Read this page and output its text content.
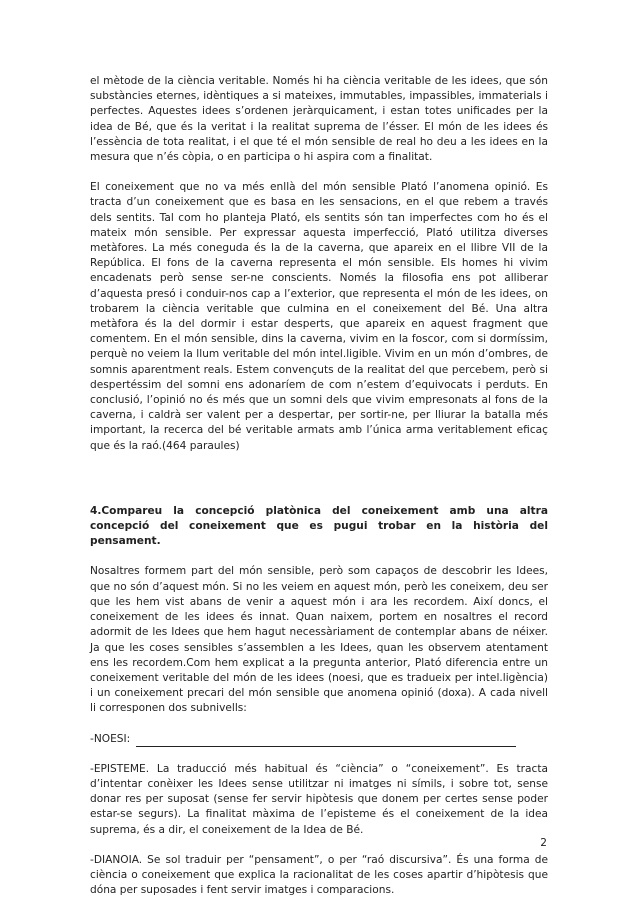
el mètode de la ciència veritable. Només hi ha ciència veritable de les idees, que són substàncies eternes, idèntiques a si mateixes, immutables, impassibles, immaterials i perfectes. Aquestes idees s’ordenen jeràrquicament, i estan totes unificades per la idea de Bé, que és la veritat i la realitat suprema de l’ésser. El món de les idees és l’essència de tota realitat, i el que té el món sensible de real ho deu a les idees en la mesura que n’és còpia, o en participa o hi aspira com a finalitat.

El coneixement que no va més enllà del món sensible Plató l’anomena opinió. Es tracta d’un coneixement que es basa en les sensacions, en el que rebem a través dels sentits. Tal com ho planteja Plató, els sentits són tan imperfectes com ho és el mateix món sensible. Per expressar aquesta imperfecció, Plató utilitza diverses metàfores. La més coneguda és la de la caverna, que apareix en el llibre VII de la República. El fons de la caverna representa el món sensible. Els homes hi vivim encadenats però sense ser-ne conscients. Només la filosofia ens pot alliberar d’aquesta presó i conduir-nos cap a l’exterior, que representa el món de les idees, on trobarem la ciència veritable que culmina en el coneixement del Bé. Una altra metàfora és la del dormir i estar desperts, que apareix en aquest fragment que comentem. En el món sensible, dins la caverna, vivim en la foscor, com si dormíssim, perquè no veiem la llum veritable del món intel.ligible. Vivim en un món d’ombres, de somnis aparentment reals. Estem convençuts de la realitat del que percebem, però si despertéssim del somni ens adonaríem de com n’estem d’equivocats i perduts. En conclusió, l’opinió no és més que un somni dels que vivim empresonats al fons de la caverna, i caldrà ser valent per a despertar, per sortir-ne, per lliurar la batalla més important, la recerca del bé veritable armats amb l’única arma veritablement eficaç que és la raó.(464 paraules)

4.Compareu la concepció platònica del coneixement amb una altra concepció del coneixement que es pugui trobar en la història del pensament.

Nosaltres formem part del món sensible, però som capaços de descobrir les Idees, que no són d’aquest món. Si no les veiem en aquest món, però les coneixem, deu ser que les hem vist abans de venir a aquest món i ara les recordem. Així doncs, el coneixement de les idees és innat. Quan naixem, portem en nosaltres el record adormit de les Idees que hem hagut necessàriament de contemplar abans de néixer. Ja que les coses sensibles s’assemblen a les Idees, quan les observem atentament ens les recordem.Com hem explicat a la pregunta anterior, Plató diferencia entre un coneixement veritable del món de les idees (noesi, que es tradueix per intel.ligència) i un coneixement precari del món sensible que anomena opinió (doxa). A cada nivell li corresponen dos subnivells:

-NOESI:

-EPISTEME. La traducció més habitual és “ciència” o “coneixement”. Es tracta d’intentar conèixer les Idees sense utilitzar ni imatges ni símils, i sobre tot, sense donar res per suposat (sense fer servir hipòtesis que donem per certes sense poder estar-se segurs). La finalitat màxima de l’episteme és el coneixement de la idea suprema, és a dir, el coneixement de la Idea de Bé.

-DIANOIA. Se sol traduir per “pensament”, o per “raó discursiva”. És una forma de ciència o coneixement que explica la racionalitat de les coses apartir d’hipòtesis que dóna per suposades i fent servir imatges i comparacions.

2
